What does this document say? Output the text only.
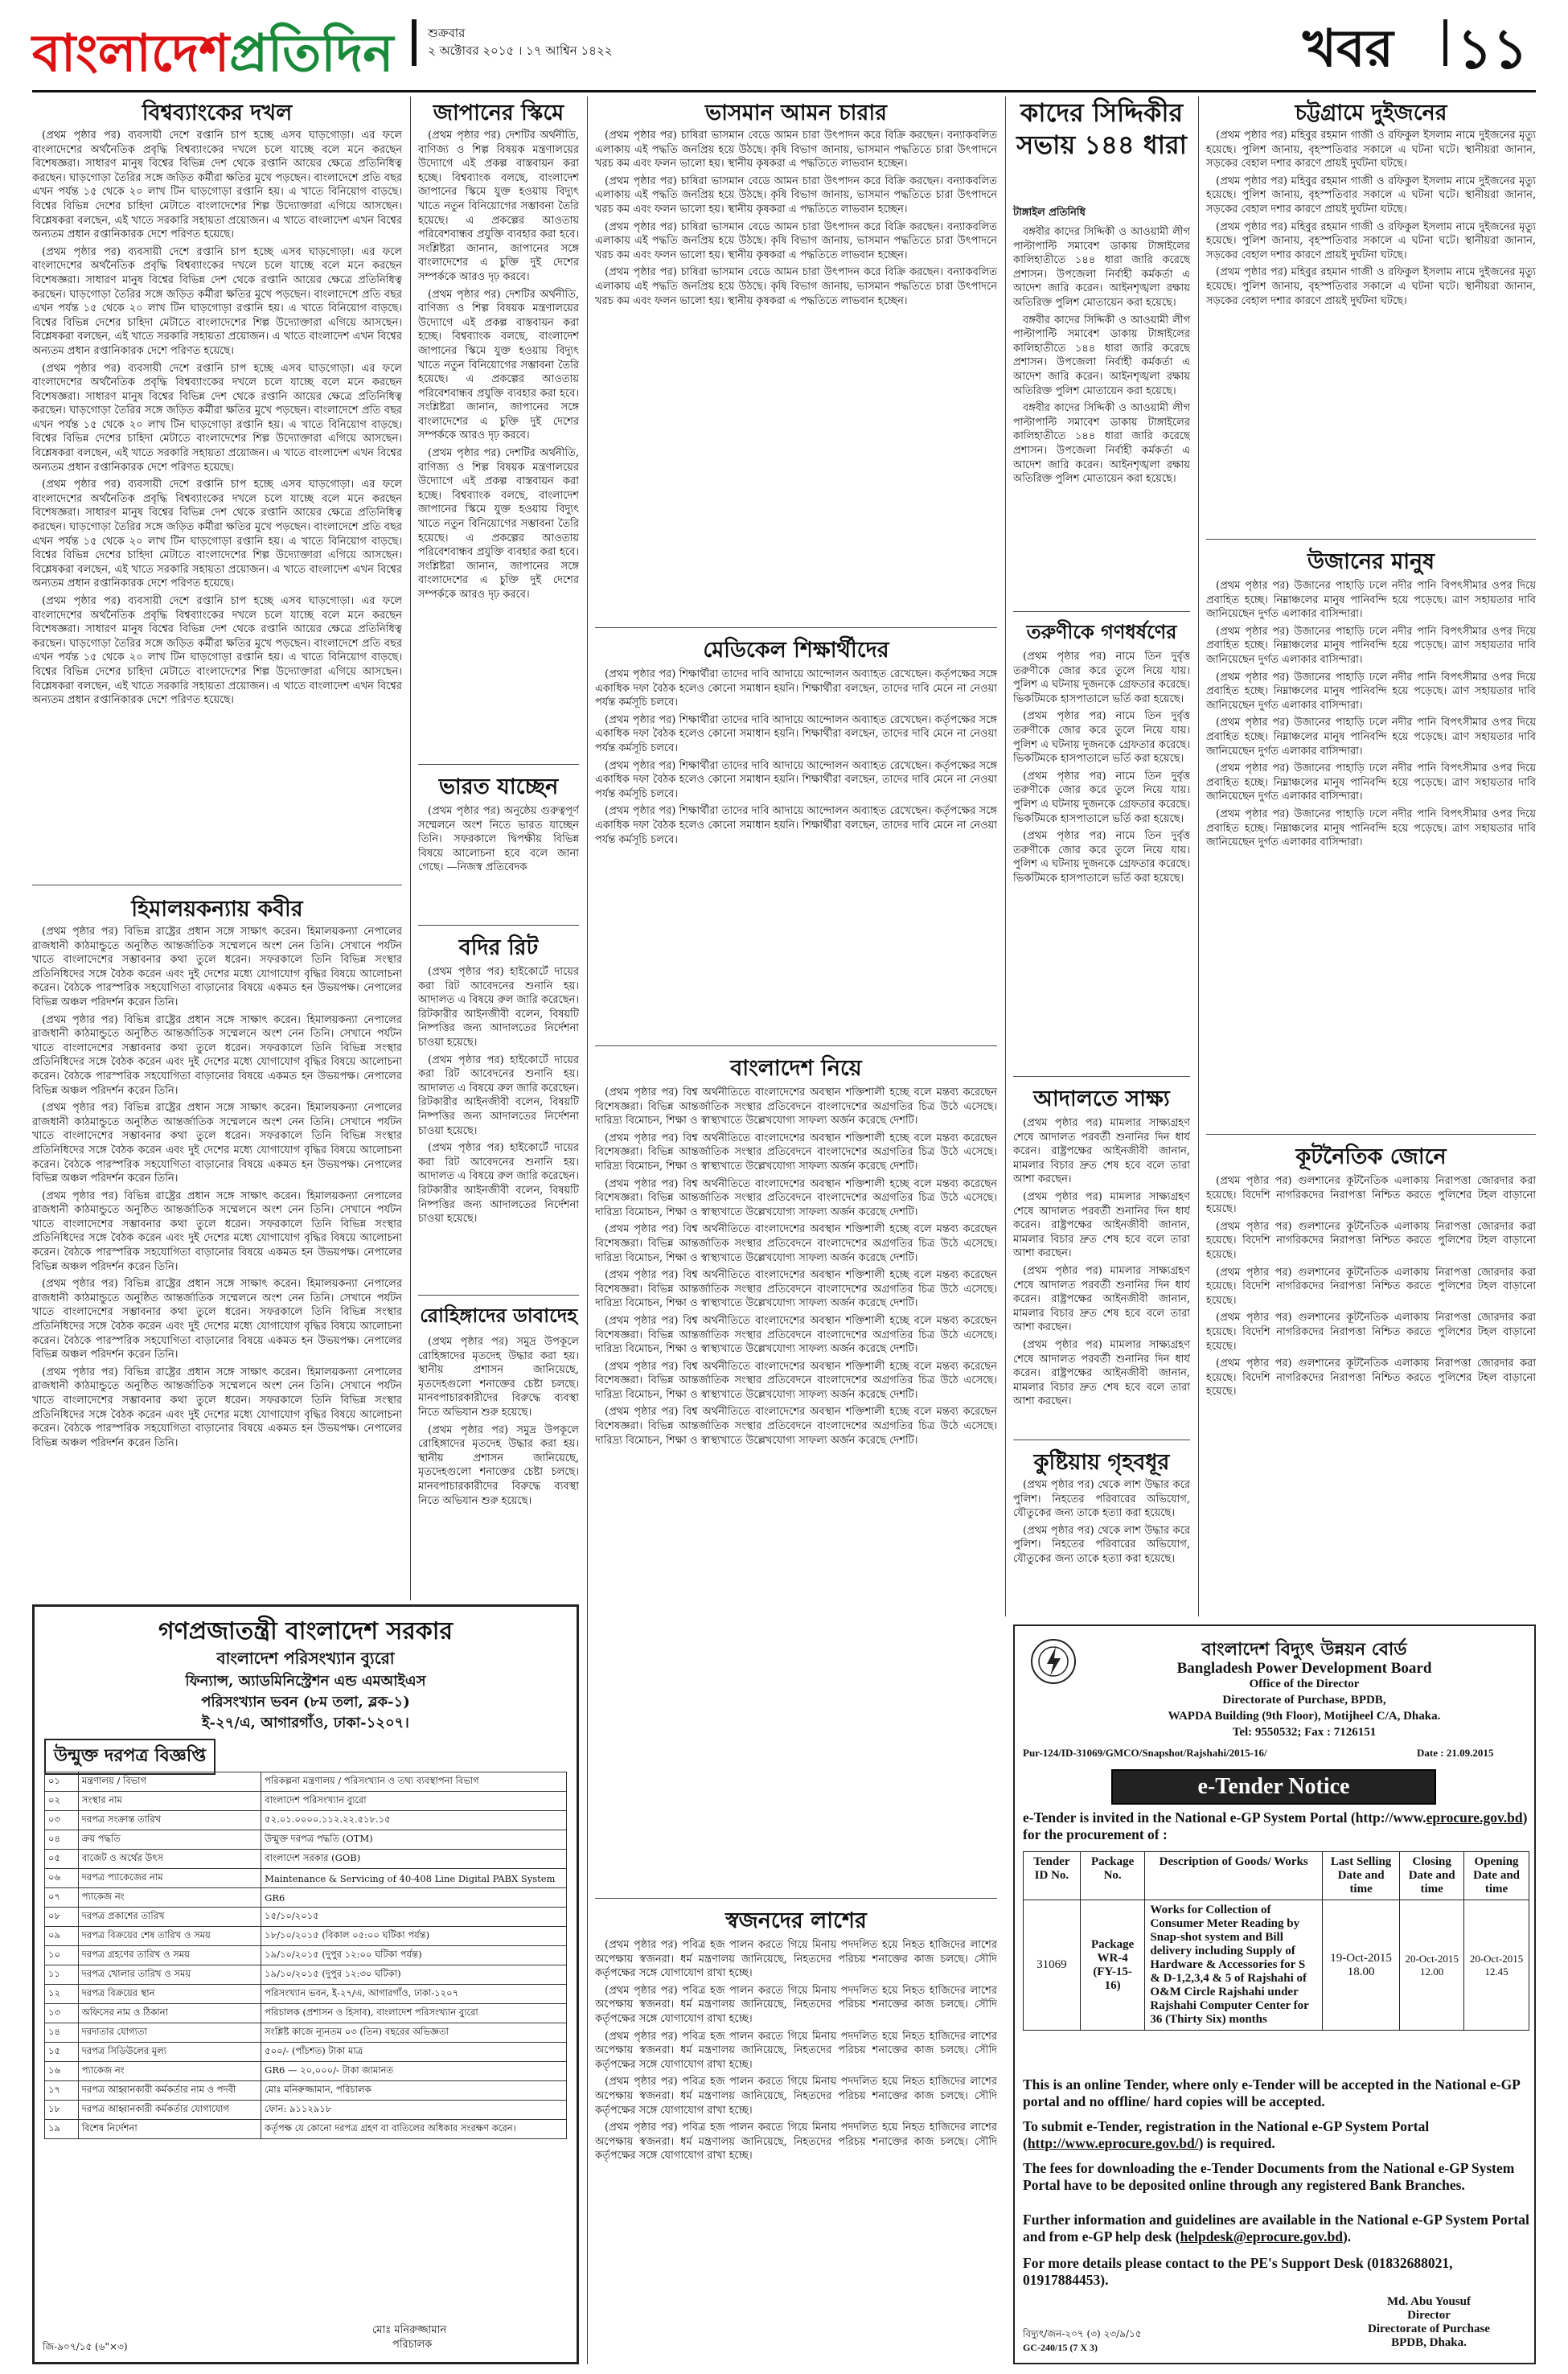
বাংলাদেশপ্রতিদিন	শুক্রবার
২ অক্টোবর ২০১৫ । ১৭ আশ্বিন ১৪২২	খবর ১১
বিশ্বব্যাংকের দখল

(প্রথম পৃষ্ঠার পর) ব্যবসায়ী দেশে রপ্তানি চাপ হচ্ছে এসব ঘাড়গোড়া। এর ফলে বাংলাদেশের অর্থনৈতিক প্রবৃদ্ধি বিশ্বব্যাংকের দখলে চলে যাচ্ছে বলে মনে করছেন বিশেষজ্ঞরা। সাধারণ মানুষ বিশ্বের বিভিন্ন দেশ থেকে রপ্তানি আয়ের ক্ষেত্রে প্রতিনিধিত্ব করছেন। ঘাড়গোড়া তৈরির সঙ্গে জড়িত কর্মীরা ক্ষতির মুখে পড়ছেন। বাংলাদেশে প্রতি বছর এখন পর্যন্ত ১৫ থেকে ২০ লাখ টিন ঘাড়গোড়া রপ্তানি হয়। এ খাতে বিনিয়োগ বাড়ছে। বিশ্বের বিভিন্ন দেশের চাহিদা মেটাতে বাংলাদেশের শিল্প উদ্যোক্তারা এগিয়ে আসছেন। বিশ্লেষকরা বলছেন, এই খাতে সরকারি সহায়তা প্রয়োজন। এ খাতে বাংলাদেশ এখন বিশ্বের অন্যতম প্রধান রপ্তানিকারক দেশে পরিণত হয়েছে।

(প্রথম পৃষ্ঠার পর) ব্যবসায়ী দেশে রপ্তানি চাপ হচ্ছে এসব ঘাড়গোড়া। এর ফলে বাংলাদেশের অর্থনৈতিক প্রবৃদ্ধি বিশ্বব্যাংকের দখলে চলে যাচ্ছে বলে মনে করছেন বিশেষজ্ঞরা। সাধারণ মানুষ বিশ্বের বিভিন্ন দেশ থেকে রপ্তানি আয়ের ক্ষেত্রে প্রতিনিধিত্ব করছেন। ঘাড়গোড়া তৈরির সঙ্গে জড়িত কর্মীরা ক্ষতির মুখে পড়ছেন। বাংলাদেশে প্রতি বছর এখন পর্যন্ত ১৫ থেকে ২০ লাখ টিন ঘাড়গোড়া রপ্তানি হয়। এ খাতে বিনিয়োগ বাড়ছে। বিশ্বের বিভিন্ন দেশের চাহিদা মেটাতে বাংলাদেশের শিল্প উদ্যোক্তারা এগিয়ে আসছেন। বিশ্লেষকরা বলছেন, এই খাতে সরকারি সহায়তা প্রয়োজন। এ খাতে বাংলাদেশ এখন বিশ্বের অন্যতম প্রধান রপ্তানিকারক দেশে পরিণত হয়েছে।

(প্রথম পৃষ্ঠার পর) ব্যবসায়ী দেশে রপ্তানি চাপ হচ্ছে এসব ঘাড়গোড়া। এর ফলে বাংলাদেশের অর্থনৈতিক প্রবৃদ্ধি বিশ্বব্যাংকের দখলে চলে যাচ্ছে বলে মনে করছেন বিশেষজ্ঞরা। সাধারণ মানুষ বিশ্বের বিভিন্ন দেশ থেকে রপ্তানি আয়ের ক্ষেত্রে প্রতিনিধিত্ব করছেন। ঘাড়গোড়া তৈরির সঙ্গে জড়িত কর্মীরা ক্ষতির মুখে পড়ছেন। বাংলাদেশে প্রতি বছর এখন পর্যন্ত ১৫ থেকে ২০ লাখ টিন ঘাড়গোড়া রপ্তানি হয়। এ খাতে বিনিয়োগ বাড়ছে। বিশ্বের বিভিন্ন দেশের চাহিদা মেটাতে বাংলাদেশের শিল্প উদ্যোক্তারা এগিয়ে আসছেন। বিশ্লেষকরা বলছেন, এই খাতে সরকারি সহায়তা প্রয়োজন। এ খাতে বাংলাদেশ এখন বিশ্বের অন্যতম প্রধান রপ্তানিকারক দেশে পরিণত হয়েছে।

(প্রথম পৃষ্ঠার পর) ব্যবসায়ী দেশে রপ্তানি চাপ হচ্ছে এসব ঘাড়গোড়া। এর ফলে বাংলাদেশের অর্থনৈতিক প্রবৃদ্ধি বিশ্বব্যাংকের দখলে চলে যাচ্ছে বলে মনে করছেন বিশেষজ্ঞরা। সাধারণ মানুষ বিশ্বের বিভিন্ন দেশ থেকে রপ্তানি আয়ের ক্ষেত্রে প্রতিনিধিত্ব করছেন। ঘাড়গোড়া তৈরির সঙ্গে জড়িত কর্মীরা ক্ষতির মুখে পড়ছেন। বাংলাদেশে প্রতি বছর এখন পর্যন্ত ১৫ থেকে ২০ লাখ টিন ঘাড়গোড়া রপ্তানি হয়। এ খাতে বিনিয়োগ বাড়ছে। বিশ্বের বিভিন্ন দেশের চাহিদা মেটাতে বাংলাদেশের শিল্প উদ্যোক্তারা এগিয়ে আসছেন। বিশ্লেষকরা বলছেন, এই খাতে সরকারি সহায়তা প্রয়োজন। এ খাতে বাংলাদেশ এখন বিশ্বের অন্যতম প্রধান রপ্তানিকারক দেশে পরিণত হয়েছে।

(প্রথম পৃষ্ঠার পর) ব্যবসায়ী দেশে রপ্তানি চাপ হচ্ছে এসব ঘাড়গোড়া। এর ফলে বাংলাদেশের অর্থনৈতিক প্রবৃদ্ধি বিশ্বব্যাংকের দখলে চলে যাচ্ছে বলে মনে করছেন বিশেষজ্ঞরা। সাধারণ মানুষ বিশ্বের বিভিন্ন দেশ থেকে রপ্তানি আয়ের ক্ষেত্রে প্রতিনিধিত্ব করছেন। ঘাড়গোড়া তৈরির সঙ্গে জড়িত কর্মীরা ক্ষতির মুখে পড়ছেন। বাংলাদেশে প্রতি বছর এখন পর্যন্ত ১৫ থেকে ২০ লাখ টিন ঘাড়গোড়া রপ্তানি হয়। এ খাতে বিনিয়োগ বাড়ছে। বিশ্বের বিভিন্ন দেশের চাহিদা মেটাতে বাংলাদেশের শিল্প উদ্যোক্তারা এগিয়ে আসছেন। বিশ্লেষকরা বলছেন, এই খাতে সরকারি সহায়তা প্রয়োজন। এ খাতে বাংলাদেশ এখন বিশ্বের অন্যতম প্রধান রপ্তানিকারক দেশে পরিণত হয়েছে।

হিমালয়কন্যায় কবীর

(প্রথম পৃষ্ঠার পর) বিভিন্ন রাষ্ট্রের প্রধান সঙ্গে সাক্ষাৎ করেন। হিমালয়কন্যা নেপালের রাজধানী কাঠমান্ডুতে অনুষ্ঠিত আন্তর্জাতিক সম্মেলনে অংশ নেন তিনি। সেখানে পর্যটন খাতে বাংলাদেশের সম্ভাবনার কথা তুলে ধরেন। সফরকালে তিনি বিভিন্ন সংস্থার প্রতিনিধিদের সঙ্গে বৈঠক করেন এবং দুই দেশের মধ্যে যোগাযোগ বৃদ্ধির বিষয়ে আলোচনা করেন। বৈঠকে পারস্পরিক সহযোগিতা বাড়ানোর বিষয়ে একমত হন উভয়পক্ষ। নেপালের বিভিন্ন অঞ্চল পরিদর্শন করেন তিনি।

(প্রথম পৃষ্ঠার পর) বিভিন্ন রাষ্ট্রের প্রধান সঙ্গে সাক্ষাৎ করেন। হিমালয়কন্যা নেপালের রাজধানী কাঠমান্ডুতে অনুষ্ঠিত আন্তর্জাতিক সম্মেলনে অংশ নেন তিনি। সেখানে পর্যটন খাতে বাংলাদেশের সম্ভাবনার কথা তুলে ধরেন। সফরকালে তিনি বিভিন্ন সংস্থার প্রতিনিধিদের সঙ্গে বৈঠক করেন এবং দুই দেশের মধ্যে যোগাযোগ বৃদ্ধির বিষয়ে আলোচনা করেন। বৈঠকে পারস্পরিক সহযোগিতা বাড়ানোর বিষয়ে একমত হন উভয়পক্ষ। নেপালের বিভিন্ন অঞ্চল পরিদর্শন করেন তিনি।

(প্রথম পৃষ্ঠার পর) বিভিন্ন রাষ্ট্রের প্রধান সঙ্গে সাক্ষাৎ করেন। হিমালয়কন্যা নেপালের রাজধানী কাঠমান্ডুতে অনুষ্ঠিত আন্তর্জাতিক সম্মেলনে অংশ নেন তিনি। সেখানে পর্যটন খাতে বাংলাদেশের সম্ভাবনার কথা তুলে ধরেন। সফরকালে তিনি বিভিন্ন সংস্থার প্রতিনিধিদের সঙ্গে বৈঠক করেন এবং দুই দেশের মধ্যে যোগাযোগ বৃদ্ধির বিষয়ে আলোচনা করেন। বৈঠকে পারস্পরিক সহযোগিতা বাড়ানোর বিষয়ে একমত হন উভয়পক্ষ। নেপালের বিভিন্ন অঞ্চল পরিদর্শন করেন তিনি।

(প্রথম পৃষ্ঠার পর) বিভিন্ন রাষ্ট্রের প্রধান সঙ্গে সাক্ষাৎ করেন। হিমালয়কন্যা নেপালের রাজধানী কাঠমান্ডুতে অনুষ্ঠিত আন্তর্জাতিক সম্মেলনে অংশ নেন তিনি। সেখানে পর্যটন খাতে বাংলাদেশের সম্ভাবনার কথা তুলে ধরেন। সফরকালে তিনি বিভিন্ন সংস্থার প্রতিনিধিদের সঙ্গে বৈঠক করেন এবং দুই দেশের মধ্যে যোগাযোগ বৃদ্ধির বিষয়ে আলোচনা করেন। বৈঠকে পারস্পরিক সহযোগিতা বাড়ানোর বিষয়ে একমত হন উভয়পক্ষ। নেপালের বিভিন্ন অঞ্চল পরিদর্শন করেন তিনি।

(প্রথম পৃষ্ঠার পর) বিভিন্ন রাষ্ট্রের প্রধান সঙ্গে সাক্ষাৎ করেন। হিমালয়কন্যা নেপালের রাজধানী কাঠমান্ডুতে অনুষ্ঠিত আন্তর্জাতিক সম্মেলনে অংশ নেন তিনি। সেখানে পর্যটন খাতে বাংলাদেশের সম্ভাবনার কথা তুলে ধরেন। সফরকালে তিনি বিভিন্ন সংস্থার প্রতিনিধিদের সঙ্গে বৈঠক করেন এবং দুই দেশের মধ্যে যোগাযোগ বৃদ্ধির বিষয়ে আলোচনা করেন। বৈঠকে পারস্পরিক সহযোগিতা বাড়ানোর বিষয়ে একমত হন উভয়পক্ষ। নেপালের বিভিন্ন অঞ্চল পরিদর্শন করেন তিনি।

(প্রথম পৃষ্ঠার পর) বিভিন্ন রাষ্ট্রের প্রধান সঙ্গে সাক্ষাৎ করেন। হিমালয়কন্যা নেপালের রাজধানী কাঠমান্ডুতে অনুষ্ঠিত আন্তর্জাতিক সম্মেলনে অংশ নেন তিনি। সেখানে পর্যটন খাতে বাংলাদেশের সম্ভাবনার কথা তুলে ধরেন। সফরকালে তিনি বিভিন্ন সংস্থার প্রতিনিধিদের সঙ্গে বৈঠক করেন এবং দুই দেশের মধ্যে যোগাযোগ বৃদ্ধির বিষয়ে আলোচনা করেন। বৈঠকে পারস্পরিক সহযোগিতা বাড়ানোর বিষয়ে একমত হন উভয়পক্ষ। নেপালের বিভিন্ন অঞ্চল পরিদর্শন করেন তিনি।

জাপানের স্কিমে

(প্রথম পৃষ্ঠার পর) দেশটির অর্থনীতি, বাণিজ্য ও শিল্প বিষয়ক মন্ত্রণালয়ের উদ্যোগে এই প্রকল্প বাস্তবায়ন করা হচ্ছে। বিশ্বব্যাংক বলছে, বাংলাদেশ জাপানের স্কিমে যুক্ত হওয়ায় বিদ্যুৎ খাতে নতুন বিনিয়োগের সম্ভাবনা তৈরি হয়েছে। এ প্রকল্পের আওতায় পরিবেশবান্ধব প্রযুক্তি ব্যবহার করা হবে। সংশ্লিষ্টরা জানান, জাপানের সঙ্গে বাংলাদেশের এ চুক্তি দুই দেশের সম্পর্ককে আরও দৃঢ় করবে।

(প্রথম পৃষ্ঠার পর) দেশটির অর্থনীতি, বাণিজ্য ও শিল্প বিষয়ক মন্ত্রণালয়ের উদ্যোগে এই প্রকল্প বাস্তবায়ন করা হচ্ছে। বিশ্বব্যাংক বলছে, বাংলাদেশ জাপানের স্কিমে যুক্ত হওয়ায় বিদ্যুৎ খাতে নতুন বিনিয়োগের সম্ভাবনা তৈরি হয়েছে। এ প্রকল্পের আওতায় পরিবেশবান্ধব প্রযুক্তি ব্যবহার করা হবে। সংশ্লিষ্টরা জানান, জাপানের সঙ্গে বাংলাদেশের এ চুক্তি দুই দেশের সম্পর্ককে আরও দৃঢ় করবে।

(প্রথম পৃষ্ঠার পর) দেশটির অর্থনীতি, বাণিজ্য ও শিল্প বিষয়ক মন্ত্রণালয়ের উদ্যোগে এই প্রকল্প বাস্তবায়ন করা হচ্ছে। বিশ্বব্যাংক বলছে, বাংলাদেশ জাপানের স্কিমে যুক্ত হওয়ায় বিদ্যুৎ খাতে নতুন বিনিয়োগের সম্ভাবনা তৈরি হয়েছে। এ প্রকল্পের আওতায় পরিবেশবান্ধব প্রযুক্তি ব্যবহার করা হবে। সংশ্লিষ্টরা জানান, জাপানের সঙ্গে বাংলাদেশের এ চুক্তি দুই দেশের সম্পর্ককে আরও দৃঢ় করবে।

ভারত যাচ্ছেন

(প্রথম পৃষ্ঠার পর) অনুষ্ঠেয় গুরুত্বপূর্ণ সম্মেলনে অংশ নিতে ভারত যাচ্ছেন তিনি। সফরকালে দ্বিপক্ষীয় বিভিন্ন বিষয়ে আলোচনা হবে বলে জানা গেছে। —নিজস্ব প্রতিবেদক

বদির রিট

(প্রথম পৃষ্ঠার পর) হাইকোর্টে দায়ের করা রিট আবেদনের শুনানি হয়। আদালত এ বিষয়ে রুল জারি করেছেন। রিটকারীর আইনজীবী বলেন, বিষয়টি নিষ্পত্তির জন্য আদালতের নির্দেশনা চাওয়া হয়েছে।

(প্রথম পৃষ্ঠার পর) হাইকোর্টে দায়ের করা রিট আবেদনের শুনানি হয়। আদালত এ বিষয়ে রুল জারি করেছেন। রিটকারীর আইনজীবী বলেন, বিষয়টি নিষ্পত্তির জন্য আদালতের নির্দেশনা চাওয়া হয়েছে।

(প্রথম পৃষ্ঠার পর) হাইকোর্টে দায়ের করা রিট আবেদনের শুনানি হয়। আদালত এ বিষয়ে রুল জারি করেছেন। রিটকারীর আইনজীবী বলেন, বিষয়টি নিষ্পত্তির জন্য আদালতের নির্দেশনা চাওয়া হয়েছে।

রোহিঙ্গাদের ডাবাদেহ

(প্রথম পৃষ্ঠার পর) সমুদ্র উপকূলে রোহিঙ্গাদের মৃতদেহ উদ্ধার করা হয়। স্থানীয় প্রশাসন জানিয়েছে, মৃতদেহগুলো শনাক্তের চেষ্টা চলছে। মানবপাচারকারীদের বিরুদ্ধে ব্যবস্থা নিতে অভিযান শুরু হয়েছে।

(প্রথম পৃষ্ঠার পর) সমুদ্র উপকূলে রোহিঙ্গাদের মৃতদেহ উদ্ধার করা হয়। স্থানীয় প্রশাসন জানিয়েছে, মৃতদেহগুলো শনাক্তের চেষ্টা চলছে। মানবপাচারকারীদের বিরুদ্ধে ব্যবস্থা নিতে অভিযান শুরু হয়েছে।

ভাসমান আমন চারার

(প্রথম পৃষ্ঠার পর) চাষিরা ভাসমান বেডে আমন চারা উৎপাদন করে বিক্রি করছেন। বন্যাকবলিত এলাকায় এই পদ্ধতি জনপ্রিয় হয়ে উঠছে। কৃষি বিভাগ জানায়, ভাসমান পদ্ধতিতে চারা উৎপাদনে খরচ কম এবং ফলন ভালো হয়। স্থানীয় কৃষকরা এ পদ্ধতিতে লাভবান হচ্ছেন।

(প্রথম পৃষ্ঠার পর) চাষিরা ভাসমান বেডে আমন চারা উৎপাদন করে বিক্রি করছেন। বন্যাকবলিত এলাকায় এই পদ্ধতি জনপ্রিয় হয়ে উঠছে। কৃষি বিভাগ জানায়, ভাসমান পদ্ধতিতে চারা উৎপাদনে খরচ কম এবং ফলন ভালো হয়। স্থানীয় কৃষকরা এ পদ্ধতিতে লাভবান হচ্ছেন।

(প্রথম পৃষ্ঠার পর) চাষিরা ভাসমান বেডে আমন চারা উৎপাদন করে বিক্রি করছেন। বন্যাকবলিত এলাকায় এই পদ্ধতি জনপ্রিয় হয়ে উঠছে। কৃষি বিভাগ জানায়, ভাসমান পদ্ধতিতে চারা উৎপাদনে খরচ কম এবং ফলন ভালো হয়। স্থানীয় কৃষকরা এ পদ্ধতিতে লাভবান হচ্ছেন।

(প্রথম পৃষ্ঠার পর) চাষিরা ভাসমান বেডে আমন চারা উৎপাদন করে বিক্রি করছেন। বন্যাকবলিত এলাকায় এই পদ্ধতি জনপ্রিয় হয়ে উঠছে। কৃষি বিভাগ জানায়, ভাসমান পদ্ধতিতে চারা উৎপাদনে খরচ কম এবং ফলন ভালো হয়। স্থানীয় কৃষকরা এ পদ্ধতিতে লাভবান হচ্ছেন।

মেডিকেল শিক্ষার্থীদের

(প্রথম পৃষ্ঠার পর) শিক্ষার্থীরা তাদের দাবি আদায়ে আন্দোলন অব্যাহত রেখেছেন। কর্তৃপক্ষের সঙ্গে একাধিক দফা বৈঠক হলেও কোনো সমাধান হয়নি। শিক্ষার্থীরা বলছেন, তাদের দাবি মেনে না নেওয়া পর্যন্ত কর্মসূচি চলবে।

(প্রথম পৃষ্ঠার পর) শিক্ষার্থীরা তাদের দাবি আদায়ে আন্দোলন অব্যাহত রেখেছেন। কর্তৃপক্ষের সঙ্গে একাধিক দফা বৈঠক হলেও কোনো সমাধান হয়নি। শিক্ষার্থীরা বলছেন, তাদের দাবি মেনে না নেওয়া পর্যন্ত কর্মসূচি চলবে।

(প্রথম পৃষ্ঠার পর) শিক্ষার্থীরা তাদের দাবি আদায়ে আন্দোলন অব্যাহত রেখেছেন। কর্তৃপক্ষের সঙ্গে একাধিক দফা বৈঠক হলেও কোনো সমাধান হয়নি। শিক্ষার্থীরা বলছেন, তাদের দাবি মেনে না নেওয়া পর্যন্ত কর্মসূচি চলবে।

(প্রথম পৃষ্ঠার পর) শিক্ষার্থীরা তাদের দাবি আদায়ে আন্দোলন অব্যাহত রেখেছেন। কর্তৃপক্ষের সঙ্গে একাধিক দফা বৈঠক হলেও কোনো সমাধান হয়নি। শিক্ষার্থীরা বলছেন, তাদের দাবি মেনে না নেওয়া পর্যন্ত কর্মসূচি চলবে।

বাংলাদেশ নিয়ে

(প্রথম পৃষ্ঠার পর) বিশ্ব অর্থনীতিতে বাংলাদেশের অবস্থান শক্তিশালী হচ্ছে বলে মন্তব্য করেছেন বিশেষজ্ঞরা। বিভিন্ন আন্তর্জাতিক সংস্থার প্রতিবেদনে বাংলাদেশের অগ্রগতির চিত্র উঠে এসেছে। দারিদ্র্য বিমোচন, শিক্ষা ও স্বাস্থ্যখাতে উল্লেখযোগ্য সাফল্য অর্জন করেছে দেশটি।

(প্রথম পৃষ্ঠার পর) বিশ্ব অর্থনীতিতে বাংলাদেশের অবস্থান শক্তিশালী হচ্ছে বলে মন্তব্য করেছেন বিশেষজ্ঞরা। বিভিন্ন আন্তর্জাতিক সংস্থার প্রতিবেদনে বাংলাদেশের অগ্রগতির চিত্র উঠে এসেছে। দারিদ্র্য বিমোচন, শিক্ষা ও স্বাস্থ্যখাতে উল্লেখযোগ্য সাফল্য অর্জন করেছে দেশটি।

(প্রথম পৃষ্ঠার পর) বিশ্ব অর্থনীতিতে বাংলাদেশের অবস্থান শক্তিশালী হচ্ছে বলে মন্তব্য করেছেন বিশেষজ্ঞরা। বিভিন্ন আন্তর্জাতিক সংস্থার প্রতিবেদনে বাংলাদেশের অগ্রগতির চিত্র উঠে এসেছে। দারিদ্র্য বিমোচন, শিক্ষা ও স্বাস্থ্যখাতে উল্লেখযোগ্য সাফল্য অর্জন করেছে দেশটি।

(প্রথম পৃষ্ঠার পর) বিশ্ব অর্থনীতিতে বাংলাদেশের অবস্থান শক্তিশালী হচ্ছে বলে মন্তব্য করেছেন বিশেষজ্ঞরা। বিভিন্ন আন্তর্জাতিক সংস্থার প্রতিবেদনে বাংলাদেশের অগ্রগতির চিত্র উঠে এসেছে। দারিদ্র্য বিমোচন, শিক্ষা ও স্বাস্থ্যখাতে উল্লেখযোগ্য সাফল্য অর্জন করেছে দেশটি।

(প্রথম পৃষ্ঠার পর) বিশ্ব অর্থনীতিতে বাংলাদেশের অবস্থান শক্তিশালী হচ্ছে বলে মন্তব্য করেছেন বিশেষজ্ঞরা। বিভিন্ন আন্তর্জাতিক সংস্থার প্রতিবেদনে বাংলাদেশের অগ্রগতির চিত্র উঠে এসেছে। দারিদ্র্য বিমোচন, শিক্ষা ও স্বাস্থ্যখাতে উল্লেখযোগ্য সাফল্য অর্জন করেছে দেশটি।

(প্রথম পৃষ্ঠার পর) বিশ্ব অর্থনীতিতে বাংলাদেশের অবস্থান শক্তিশালী হচ্ছে বলে মন্তব্য করেছেন বিশেষজ্ঞরা। বিভিন্ন আন্তর্জাতিক সংস্থার প্রতিবেদনে বাংলাদেশের অগ্রগতির চিত্র উঠে এসেছে। দারিদ্র্য বিমোচন, শিক্ষা ও স্বাস্থ্যখাতে উল্লেখযোগ্য সাফল্য অর্জন করেছে দেশটি।

(প্রথম পৃষ্ঠার পর) বিশ্ব অর্থনীতিতে বাংলাদেশের অবস্থান শক্তিশালী হচ্ছে বলে মন্তব্য করেছেন বিশেষজ্ঞরা। বিভিন্ন আন্তর্জাতিক সংস্থার প্রতিবেদনে বাংলাদেশের অগ্রগতির চিত্র উঠে এসেছে। দারিদ্র্য বিমোচন, শিক্ষা ও স্বাস্থ্যখাতে উল্লেখযোগ্য সাফল্য অর্জন করেছে দেশটি।

(প্রথম পৃষ্ঠার পর) বিশ্ব অর্থনীতিতে বাংলাদেশের অবস্থান শক্তিশালী হচ্ছে বলে মন্তব্য করেছেন বিশেষজ্ঞরা। বিভিন্ন আন্তর্জাতিক সংস্থার প্রতিবেদনে বাংলাদেশের অগ্রগতির চিত্র উঠে এসেছে। দারিদ্র্য বিমোচন, শিক্ষা ও স্বাস্থ্যখাতে উল্লেখযোগ্য সাফল্য অর্জন করেছে দেশটি।

স্বজনদের লাশের

(প্রথম পৃষ্ঠার পর) পবিত্র হজ পালন করতে গিয়ে মিনায় পদদলিত হয়ে নিহত হাজিদের লাশের অপেক্ষায় স্বজনরা। ধর্ম মন্ত্রণালয় জানিয়েছে, নিহতদের পরিচয় শনাক্তের কাজ চলছে। সৌদি কর্তৃপক্ষের সঙ্গে যোগাযোগ রাখা হচ্ছে।

(প্রথম পৃষ্ঠার পর) পবিত্র হজ পালন করতে গিয়ে মিনায় পদদলিত হয়ে নিহত হাজিদের লাশের অপেক্ষায় স্বজনরা। ধর্ম মন্ত্রণালয় জানিয়েছে, নিহতদের পরিচয় শনাক্তের কাজ চলছে। সৌদি কর্তৃপক্ষের সঙ্গে যোগাযোগ রাখা হচ্ছে।

(প্রথম পৃষ্ঠার পর) পবিত্র হজ পালন করতে গিয়ে মিনায় পদদলিত হয়ে নিহত হাজিদের লাশের অপেক্ষায় স্বজনরা। ধর্ম মন্ত্রণালয় জানিয়েছে, নিহতদের পরিচয় শনাক্তের কাজ চলছে। সৌদি কর্তৃপক্ষের সঙ্গে যোগাযোগ রাখা হচ্ছে।

(প্রথম পৃষ্ঠার পর) পবিত্র হজ পালন করতে গিয়ে মিনায় পদদলিত হয়ে নিহত হাজিদের লাশের অপেক্ষায় স্বজনরা। ধর্ম মন্ত্রণালয় জানিয়েছে, নিহতদের পরিচয় শনাক্তের কাজ চলছে। সৌদি কর্তৃপক্ষের সঙ্গে যোগাযোগ রাখা হচ্ছে।

(প্রথম পৃষ্ঠার পর) পবিত্র হজ পালন করতে গিয়ে মিনায় পদদলিত হয়ে নিহত হাজিদের লাশের অপেক্ষায় স্বজনরা। ধর্ম মন্ত্রণালয় জানিয়েছে, নিহতদের পরিচয় শনাক্তের কাজ চলছে। সৌদি কর্তৃপক্ষের সঙ্গে যোগাযোগ রাখা হচ্ছে।

কাদের সিদ্দিকীর সভায় ১৪৪ ধারা
টাঙ্গাইল প্রতিনিধি

বঙ্গবীর কাদের সিদ্দিকী ও আওয়ামী লীগ পাল্টাপাল্টি সমাবেশ ডাকায় টাঙ্গাইলের কালিহাতীতে ১৪৪ ধারা জারি করেছে প্রশাসন। উপজেলা নির্বাহী কর্মকর্তা এ আদেশ জারি করেন। আইনশৃঙ্খলা রক্ষায় অতিরিক্ত পুলিশ মোতায়েন করা হয়েছে।

বঙ্গবীর কাদের সিদ্দিকী ও আওয়ামী লীগ পাল্টাপাল্টি সমাবেশ ডাকায় টাঙ্গাইলের কালিহাতীতে ১৪৪ ধারা জারি করেছে প্রশাসন। উপজেলা নির্বাহী কর্মকর্তা এ আদেশ জারি করেন। আইনশৃঙ্খলা রক্ষায় অতিরিক্ত পুলিশ মোতায়েন করা হয়েছে।

বঙ্গবীর কাদের সিদ্দিকী ও আওয়ামী লীগ পাল্টাপাল্টি সমাবেশ ডাকায় টাঙ্গাইলের কালিহাতীতে ১৪৪ ধারা জারি করেছে প্রশাসন। উপজেলা নির্বাহী কর্মকর্তা এ আদেশ জারি করেন। আইনশৃঙ্খলা রক্ষায় অতিরিক্ত পুলিশ মোতায়েন করা হয়েছে।

তরুণীকে গণধর্ষণের

(প্রথম পৃষ্ঠার পর) নামে তিন দুর্বৃত্ত তরুণীকে জোর করে তুলে নিয়ে যায়। পুলিশ এ ঘটনায় দুজনকে গ্রেফতার করেছে। ভিকটিমকে হাসপাতালে ভর্তি করা হয়েছে।

(প্রথম পৃষ্ঠার পর) নামে তিন দুর্বৃত্ত তরুণীকে জোর করে তুলে নিয়ে যায়। পুলিশ এ ঘটনায় দুজনকে গ্রেফতার করেছে। ভিকটিমকে হাসপাতালে ভর্তি করা হয়েছে।

(প্রথম পৃষ্ঠার পর) নামে তিন দুর্বৃত্ত তরুণীকে জোর করে তুলে নিয়ে যায়। পুলিশ এ ঘটনায় দুজনকে গ্রেফতার করেছে। ভিকটিমকে হাসপাতালে ভর্তি করা হয়েছে।

(প্রথম পৃষ্ঠার পর) নামে তিন দুর্বৃত্ত তরুণীকে জোর করে তুলে নিয়ে যায়। পুলিশ এ ঘটনায় দুজনকে গ্রেফতার করেছে। ভিকটিমকে হাসপাতালে ভর্তি করা হয়েছে।

আদালতে সাক্ষ্য

(প্রথম পৃষ্ঠার পর) মামলার সাক্ষ্যগ্রহণ শেষে আদালত পরবর্তী শুনানির দিন ধার্য করেন। রাষ্ট্রপক্ষের আইনজীবী জানান, মামলার বিচার দ্রুত শেষ হবে বলে তারা আশা করছেন।

(প্রথম পৃষ্ঠার পর) মামলার সাক্ষ্যগ্রহণ শেষে আদালত পরবর্তী শুনানির দিন ধার্য করেন। রাষ্ট্রপক্ষের আইনজীবী জানান, মামলার বিচার দ্রুত শেষ হবে বলে তারা আশা করছেন।

(প্রথম পৃষ্ঠার পর) মামলার সাক্ষ্যগ্রহণ শেষে আদালত পরবর্তী শুনানির দিন ধার্য করেন। রাষ্ট্রপক্ষের আইনজীবী জানান, মামলার বিচার দ্রুত শেষ হবে বলে তারা আশা করছেন।

(প্রথম পৃষ্ঠার পর) মামলার সাক্ষ্যগ্রহণ শেষে আদালত পরবর্তী শুনানির দিন ধার্য করেন। রাষ্ট্রপক্ষের আইনজীবী জানান, মামলার বিচার দ্রুত শেষ হবে বলে তারা আশা করছেন।

কুষ্টিয়ায় গৃহবধূর

(প্রথম পৃষ্ঠার পর) থেকে লাশ উদ্ধার করে পুলিশ। নিহতের পরিবারের অভিযোগ, যৌতুকের জন্য তাকে হত্যা করা হয়েছে।

(প্রথম পৃষ্ঠার পর) থেকে লাশ উদ্ধার করে পুলিশ। নিহতের পরিবারের অভিযোগ, যৌতুকের জন্য তাকে হত্যা করা হয়েছে।

চট্টগ্রামে দুইজনের

(প্রথম পৃষ্ঠার পর) মহিবুর রহমান গাজী ও রফিকুল ইসলাম নামে দুইজনের মৃত্যু হয়েছে। পুলিশ জানায়, বৃহস্পতিবার সকালে এ ঘটনা ঘটে। স্থানীয়রা জানান, সড়কের বেহাল দশার কারণে প্রায়ই দুর্ঘটনা ঘটছে।

(প্রথম পৃষ্ঠার পর) মহিবুর রহমান গাজী ও রফিকুল ইসলাম নামে দুইজনের মৃত্যু হয়েছে। পুলিশ জানায়, বৃহস্পতিবার সকালে এ ঘটনা ঘটে। স্থানীয়রা জানান, সড়কের বেহাল দশার কারণে প্রায়ই দুর্ঘটনা ঘটছে।

(প্রথম পৃষ্ঠার পর) মহিবুর রহমান গাজী ও রফিকুল ইসলাম নামে দুইজনের মৃত্যু হয়েছে। পুলিশ জানায়, বৃহস্পতিবার সকালে এ ঘটনা ঘটে। স্থানীয়রা জানান, সড়কের বেহাল দশার কারণে প্রায়ই দুর্ঘটনা ঘটছে।

(প্রথম পৃষ্ঠার পর) মহিবুর রহমান গাজী ও রফিকুল ইসলাম নামে দুইজনের মৃত্যু হয়েছে। পুলিশ জানায়, বৃহস্পতিবার সকালে এ ঘটনা ঘটে। স্থানীয়রা জানান, সড়কের বেহাল দশার কারণে প্রায়ই দুর্ঘটনা ঘটছে।

উজানের মানুষ

(প্রথম পৃষ্ঠার পর) উজানের পাহাড়ি ঢলে নদীর পানি বিপৎসীমার ওপর দিয়ে প্রবাহিত হচ্ছে। নিম্নাঞ্চলের মানুষ পানিবন্দি হয়ে পড়েছে। ত্রাণ সহায়তার দাবি জানিয়েছেন দুর্গত এলাকার বাসিন্দারা।

(প্রথম পৃষ্ঠার পর) উজানের পাহাড়ি ঢলে নদীর পানি বিপৎসীমার ওপর দিয়ে প্রবাহিত হচ্ছে। নিম্নাঞ্চলের মানুষ পানিবন্দি হয়ে পড়েছে। ত্রাণ সহায়তার দাবি জানিয়েছেন দুর্গত এলাকার বাসিন্দারা।

(প্রথম পৃষ্ঠার পর) উজানের পাহাড়ি ঢলে নদীর পানি বিপৎসীমার ওপর দিয়ে প্রবাহিত হচ্ছে। নিম্নাঞ্চলের মানুষ পানিবন্দি হয়ে পড়েছে। ত্রাণ সহায়তার দাবি জানিয়েছেন দুর্গত এলাকার বাসিন্দারা।

(প্রথম পৃষ্ঠার পর) উজানের পাহাড়ি ঢলে নদীর পানি বিপৎসীমার ওপর দিয়ে প্রবাহিত হচ্ছে। নিম্নাঞ্চলের মানুষ পানিবন্দি হয়ে পড়েছে। ত্রাণ সহায়তার দাবি জানিয়েছেন দুর্গত এলাকার বাসিন্দারা।

(প্রথম পৃষ্ঠার পর) উজানের পাহাড়ি ঢলে নদীর পানি বিপৎসীমার ওপর দিয়ে প্রবাহিত হচ্ছে। নিম্নাঞ্চলের মানুষ পানিবন্দি হয়ে পড়েছে। ত্রাণ সহায়তার দাবি জানিয়েছেন দুর্গত এলাকার বাসিন্দারা।

(প্রথম পৃষ্ঠার পর) উজানের পাহাড়ি ঢলে নদীর পানি বিপৎসীমার ওপর দিয়ে প্রবাহিত হচ্ছে। নিম্নাঞ্চলের মানুষ পানিবন্দি হয়ে পড়েছে। ত্রাণ সহায়তার দাবি জানিয়েছেন দুর্গত এলাকার বাসিন্দারা।

কূটনৈতিক জোনে

(প্রথম পৃষ্ঠার পর) গুলশানের কূটনৈতিক এলাকায় নিরাপত্তা জোরদার করা হয়েছে। বিদেশি নাগরিকদের নিরাপত্তা নিশ্চিত করতে পুলিশের টহল বাড়ানো হয়েছে।

(প্রথম পৃষ্ঠার পর) গুলশানের কূটনৈতিক এলাকায় নিরাপত্তা জোরদার করা হয়েছে। বিদেশি নাগরিকদের নিরাপত্তা নিশ্চিত করতে পুলিশের টহল বাড়ানো হয়েছে।

(প্রথম পৃষ্ঠার পর) গুলশানের কূটনৈতিক এলাকায় নিরাপত্তা জোরদার করা হয়েছে। বিদেশি নাগরিকদের নিরাপত্তা নিশ্চিত করতে পুলিশের টহল বাড়ানো হয়েছে।

(প্রথম পৃষ্ঠার পর) গুলশানের কূটনৈতিক এলাকায় নিরাপত্তা জোরদার করা হয়েছে। বিদেশি নাগরিকদের নিরাপত্তা নিশ্চিত করতে পুলিশের টহল বাড়ানো হয়েছে।

(প্রথম পৃষ্ঠার পর) গুলশানের কূটনৈতিক এলাকায় নিরাপত্তা জোরদার করা হয়েছে। বিদেশি নাগরিকদের নিরাপত্তা নিশ্চিত করতে পুলিশের টহল বাড়ানো হয়েছে।

গণপ্রজাতন্ত্রী বাংলাদেশ সরকার
বাংলাদেশ পরিসংখ্যান ব্যুরো
ফিন্যান্স, অ্যাডমিনিস্ট্রেশন এন্ড এমআইএস
পরিসংখ্যান ভবন (৮ম তলা, ব্লক-১)
ই-২৭/এ, আগারগাঁও, ঢাকা-১২০৭।
উন্মুক্ত দরপত্র বিজ্ঞপ্তি
০১	মন্ত্রণালয় / বিভাগ	পরিকল্পনা মন্ত্রণালয় / পরিসংখ্যান ও তথ্য ব্যবস্থাপনা বিভাগ
০২	সংস্থার নাম	বাংলাদেশ পরিসংখ্যান ব্যুরো
০৩	দরপত্র সংক্রান্ত তারিখ	৫২.০১.০০০০.১১২.২২.৫১৮.১৫
০৪	ক্রয় পদ্ধতি	উন্মুক্ত দরপত্র পদ্ধতি (OTM)
০৫	বাজেট ও অর্থের উৎস	বাংলাদেশ সরকার (GOB)
০৬	দরপত্র প্যাকেজের নাম	Maintenance & Servicing of 40-408 Line Digital PABX System
০৭	প্যাকেজ নং	GR6
০৮	দরপত্র প্রকাশের তারিখ	১৫/১০/২০১৫
০৯	দরপত্র বিক্রয়ের শেষ তারিখ ও সময়	১৮/১০/২০১৫ (বিকাল ০৫:০০ ঘটিকা পর্যন্ত)
১০	দরপত্র গ্রহণের তারিখ ও সময়	১৯/১০/২০১৫ (দুপুর ১২:০০ ঘটিকা পর্যন্ত)
১১	দরপত্র খোলার তারিখ ও সময়	১৯/১০/২০১৫ (দুপুর ১২:৩০ ঘটিকা)
১২	দরপত্র বিক্রয়ের স্থান	পরিসংখ্যান ভবন, ই-২৭/এ, আগারগাঁও, ঢাকা-১২০৭
১৩	অফিসের নাম ও ঠিকানা	পরিচালক (প্রশাসন ও হিসাব), বাংলাদেশ পরিসংখ্যান ব্যুরো
১৪	দরদাতার যোগ্যতা	সংশ্লিষ্ট কাজে ন্যূনতম ০৩ (তিন) বছরের অভিজ্ঞতা
১৫	দরপত্র সিডিউলের মূল্য	৫০০/- (পাঁচশত) টাকা মাত্র
১৬	প্যাকেজ নং	GR6 — ২০,০০০/- টাকা জামানত
১৭	দরপত্র আহ্বানকারী কর্মকর্তার নাম ও পদবী	মোঃ মনিরুজ্জামান, পরিচালক
১৮	দরপত্র আহ্বানকারী কর্মকর্তার যোগাযোগ	ফোন: ৯১১২৯১৮
১৯	বিশেষ নির্দেশনা	কর্তৃপক্ষ যে কোনো দরপত্র গ্রহণ বা বাতিলের অধিকার সংরক্ষণ করেন।
মোঃ মনিরুজ্জামান
পরিচালক
জি-৯০৭/১৫ (৬"×৩)
বাংলাদেশ বিদ্যুৎ উন্নয়ন বোর্ড
Bangladesh Power Development Board
Office of the Director
Directorate of Purchase, BPDB,
WAPDA Building (9th Floor), Motijheel C/A, Dhaka.
Tel: 9550532; Fax : 7126151
Pur-124/ID-31069/GMCO/Snapshot/Rajshahi/2015-16/	Date : 21.09.2015
e-Tender Notice
e-Tender is invited in the National e-GP System Portal (http://www.eprocure.gov.bd) for the procurement of :
Tender ID No.	Package No.	Description of Goods/ Works	Last Selling Date and time	Closing Date and time	Opening Date and time
31069	Package WR-4 (FY-15-16)	Works for Collection of Consumer Meter Reading by Snap-shot system and Bill delivery including Supply of Hardware & Accessories for S & D-1,2,3,4 & 5 of Rajshahi of O&M Circle Rajshahi under Rajshahi Computer Center for 36 (Thirty Six) months	19-Oct-2015 18.00	20-Oct-2015 12.00	20-Oct-2015 12.45
This is an online Tender, where only e-Tender will be accepted in the National e-GP portal and no offline/ hard copies will be accepted.
To submit e-Tender, registration in the National e-GP System Portal (http://www.eprocure.gov.bd/) is required.
The fees for downloading the e-Tender Documents from the National e-GP System Portal have to be deposited online through any registered Bank Branches.
Further information and guidelines are available in the National e-GP System Portal and from e-GP help desk (helpdesk@eprocure.gov.bd).
For more details please contact to the PE's Support Desk (01832688021, 01917884453).
Md. Abu Yousuf
Director
Directorate of Purchase
BPDB, Dhaka.
বিদ্যুৎ/জন-২০৭ (৩) ২৩/৯/১৫
GC-240/15 (7 X 3)
